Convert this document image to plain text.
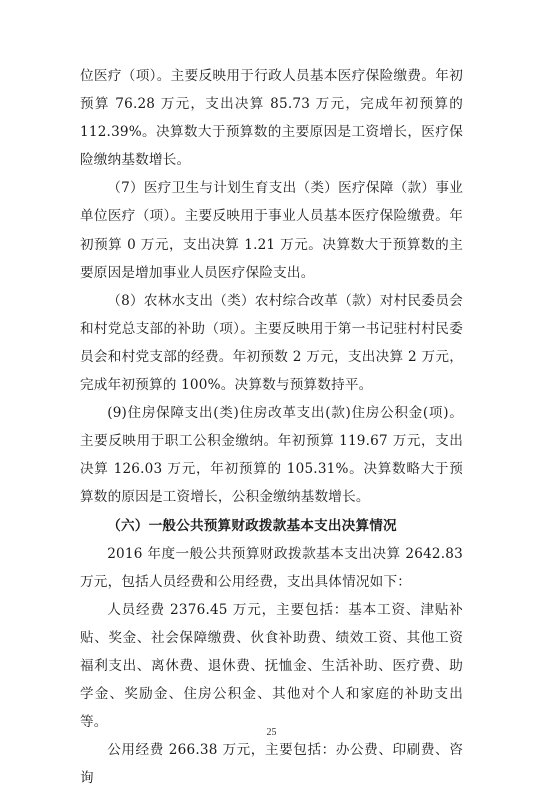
位医疗（项）。主要反映用于行政人员基本医疗保险缴费。年初预算 76.28 万元，支出决算 85.73 万元，完成年初预算的 112.39%。决算数大于预算数的主要原因是工资增长，医疗保险缴纳基数增长。

（7）医疗卫生与计划生育支出（类）医疗保障（款）事业单位医疗（项）。主要反映用于事业人员基本医疗保险缴费。年初预算 0 万元，支出决算 1.21 万元。决算数大于预算数的主要原因是增加事业人员医疗保险支出。

（8）农林水支出（类）农村综合改革（款）对村民委员会和村党总支部的补助（项）。主要反映用于第一书记驻村村民委员会和村党支部的经费。年初预数 2 万元，支出决算 2 万元，完成年初预算的 100%。决算数与预算数持平。

(9)住房保障支出(类)住房改革支出(款)住房公积金(项)。主要反映用于职工公积金缴纳。年初预算 119.67 万元，支出决算 126.03 万元，年初预算的 105.31%。决算数略大于预算数的原因是工资增长，公积金缴纳基数增长。

（六）一般公共预算财政拨款基本支出决算情况

2016 年度一般公共预算财政拨款基本支出决算 2642.83 万元，包括人员经费和公用经费，支出具体情况如下：

人员经费 2376.45 万元，主要包括：基本工资、津贴补贴、奖金、社会保障缴费、伙食补助费、绩效工资、其他工资福利支出、离休费、退休费、抚恤金、生活补助、医疗费、助学金、奖励金、住房公积金、其他对个人和家庭的补助支出等。

公用经费 266.38 万元，主要包括：办公费、印刷费、咨询

25
